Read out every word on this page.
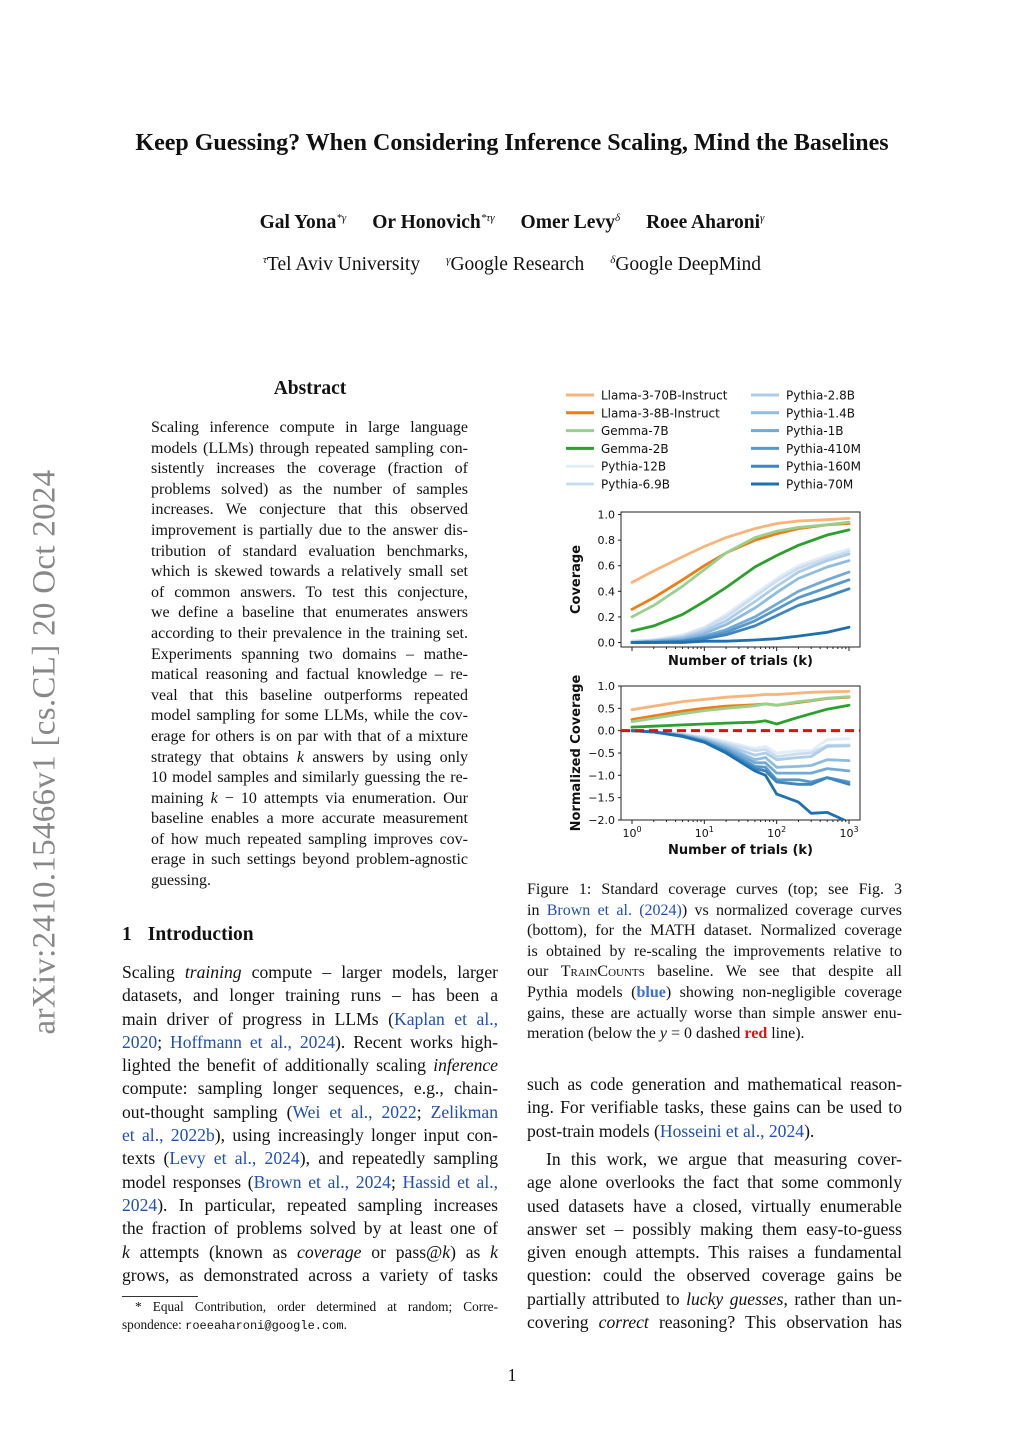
arXiv:2410.15466v1 [cs.CL] 20 Oct 2024
Keep Guessing? When Considering Inference Scaling, Mind the Baselines
Gal Yona$^{*\gamma}$ Or Honovich$^{*\tau\gamma}$ Omer Levy$^\delta$ Roee Aharoni$^\gamma$
$^\tau$Tel Aviv University $^\gamma$Google Research $^\delta$Google DeepMind
Abstract
Scaling inference compute in large language
models (LLMs) through repeated sampling con-
sistently increases the coverage (fraction of
problems solved) as the number of samples
increases. We conjecture that this observed
improvement is partially due to the answer dis-
tribution of standard evaluation benchmarks,
which is skewed towards a relatively small set
of common answers. To test this conjecture,
we define a baseline that enumerates answers
according to their prevalence in the training set.
Experiments spanning two domains – mathe-
matical reasoning and factual knowledge – re-
veal that this baseline outperforms repeated
model sampling for some LLMs, while the cov-
erage for others is on par with that of a mixture
strategy that obtains k answers by using only
10 model samples and similarly guessing the re-
maining k − 10 attempts via enumeration. Our
baseline enables a more accurate measurement
of how much repeated sampling improves cov-
erage in such settings beyond problem-agnostic
guessing.
1 Introduction
Scaling training compute – larger models, larger
datasets, and longer training runs – has been a
main driver of progress in LLMs (Kaplan et al.,
2020; Hoffmann et al., 2024). Recent works high-
lighted the benefit of additionally scaling inference
compute: sampling longer sequences, e.g., chain-
out-thought sampling (Wei et al., 2022; Zelikman
et al., 2022b), using increasingly longer input con-
texts (Levy et al., 2024), and repeatedly sampling
model responses (Brown et al., 2024; Hassid et al.,
2024). In particular, repeated sampling increases
the fraction of problems solved by at least one of
k attempts (known as coverage or pass@k) as k
grows, as demonstrated across a variety of tasks
* Equal Contribution, order determined at random; Corre-
spondence: roeeaharoni@google.com.
Llama-3-70B-Instruct
Llama-3-8B-Instruct
Gemma-7B
Gemma-2B
Pythia-12B
Pythia-6.9B
Pythia-2.8B
Pythia-1.4B
Pythia-1B
Pythia-410M
Pythia-160M
Pythia-70M
0.0
0.2
0.4
0.6
0.8
1.0
Number of trials (k)
Coverage
−2.0
−1.5
−1.0
−0.5
0.0
0.5
1.0
$10^0$	$10^1$	$10^2$	$10^3$
Number of trials (k)
Normalized Coverage
Figure 1: Standard coverage curves (top; see Fig. 3
in Brown et al. (2024)) vs normalized coverage curves
(bottom), for the MATH dataset. Normalized coverage
is obtained by re-scaling the improvements relative to
our TrainCounts baseline. We see that despite all
Pythia models (blue) showing non-negligible coverage
gains, these are actually worse than simple answer enu-
meration (below the y = 0 dashed red line).
such as code generation and mathematical reason-
ing. For verifiable tasks, these gains can be used to
post-train models (Hosseini et al., 2024).
In this work, we argue that measuring cover-
age alone overlooks the fact that some commonly
used datasets have a closed, virtually enumerable
answer set – possibly making them easy-to-guess
given enough attempts. This raises a fundamental
question: could the observed coverage gains be
partially attributed to lucky guesses, rather than un-
covering correct reasoning? This observation has
1
